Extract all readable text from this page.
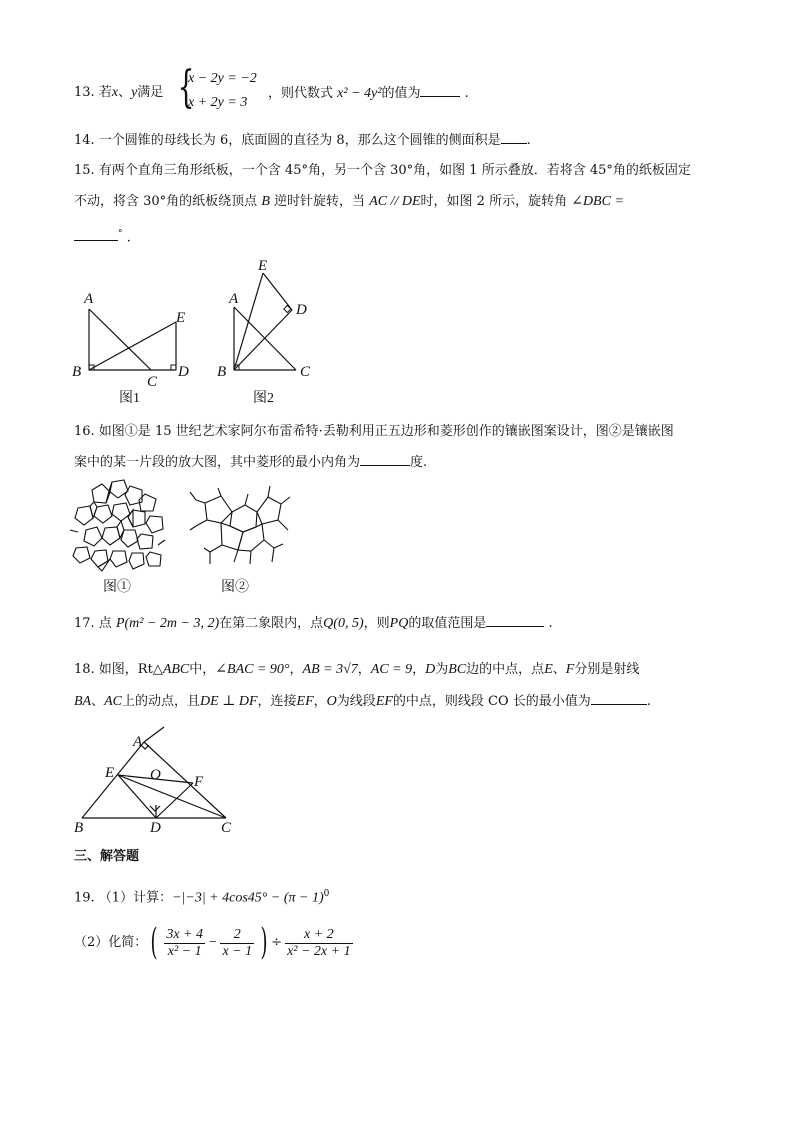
13. 若x、y满足 {
x − 2y = −2
x + 2y = 3
，则代数式 x² − 4y²的值为	.
14. 一个圆锥的母线长为 6，底面圆的直径为 8，那么这个圆锥的侧面积是 .
15. 有两个直角三角形纸板，一个含 45°角，另一个含 30°角，如图 1 所示叠放．若将含 45°角的纸板固定
不动，将含 30°角的纸板绕顶点 B 逆时针旋转，当 AC // DE时，如图 2 所示，旋转角 ∠DBC =
° .
A
B
C
D
E
图1
A
B	C
D
E
图2
16. 如图①是 15 世纪艺术家阿尔布雷希特·丢勒利用正五边形和菱形创作的镶嵌图案设计，图②是镶嵌图
案中的某一片段的放大图，其中菱形的最小内角为	度.
图①	图②
17. 点 P(m² − 2m − 3, 2)在第二象限内，点Q(0, 5)，则PQ的取值范围是	.
18. 如图，Rt△ABC中，∠BAC = 90°，AB = 3√7，AC = 9，D为BC边的中点，点E、F分别是射线
BA、AC上的动点，且DE ⊥ DF，连接EF，O为线段EF的中点，则线段 CO 长的最小值为	.
A
B	C
D
E
F
O
三、解答题
19. （1）计算：$-|-3| + 4\cos 45^\circ - (\pi - 1)^0$
（2）化简：( $\frac{3x + 4}{\text{x² − 1}} - \frac{2}{x - 1}$ ) ÷ $\frac{x + 2}{\text{x² − 2x + 1}}$
